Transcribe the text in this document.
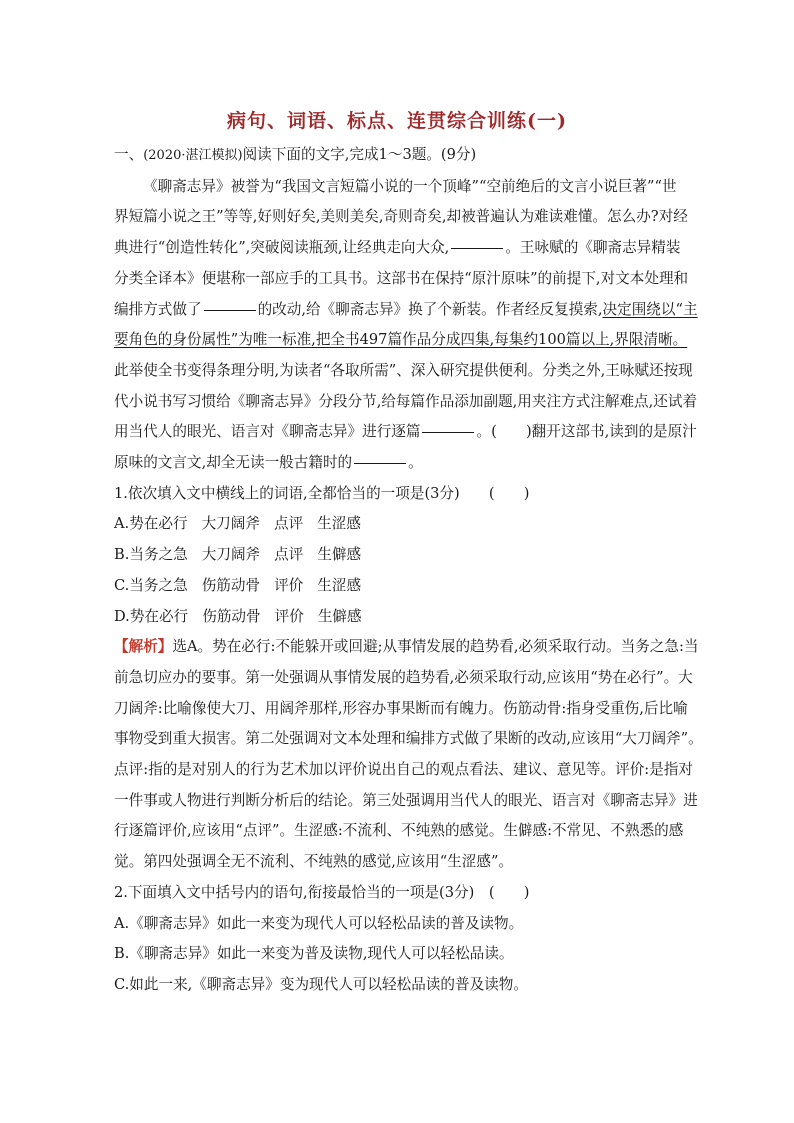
病句、词语、标点、连贯综合训练(一)
一、(2020·湛江模拟)阅读下面的文字,完成1～3题。(9分)
《聊斋志异》被誉为“我国文言短篇小说的一个顶峰”“空前绝后的文言小说巨著”“世
界短篇小说之王”等等,好则好矣,美则美矣,奇则奇矣,却被普遍认为难读难懂。怎么办?对经
典进行“创造性转化”,突破阅读瓶颈,让经典走向大众,	。王咏赋的《聊斋志异精装
分类全译本》便堪称一部应手的工具书。这部书在保持“原汁原味”的前提下,对文本处理和
编排方式做了	的改动,给《聊斋志异》换了个新装。作者经反复摸索,决定围绕以“主
要角色的身份属性”为唯一标准,把全书497篇作品分成四集,每集约100篇以上,界限清晰。
此举使全书变得条理分明,为读者“各取所需”、深入研究提供便利。分类之外,王咏赋还按现
代小说书写习惯给《聊斋志异》分段分节,给每篇作品添加副题,用夹注方式注解难点,还试着
用当代人的眼光、语言对《聊斋志异》进行逐篇	。(　　)翻开这部书,读到的是原汁
原味的文言文,却全无读一般古籍时的	。
1.依次填入文中横线上的词语,全都恰当的一项是(3分)　　(　　)
A.势在必行 大刀阔斧 点评 生涩感
B.当务之急 大刀阔斧 点评 生僻感
C.当务之急 伤筋动骨 评价 生涩感
D.势在必行 伤筋动骨 评价 生僻感
【解析】选A。势在必行:不能躲开或回避;从事情发展的趋势看,必须采取行动。当务之急:当
前急切应办的要事。第一处强调从事情发展的趋势看,必须采取行动,应该用“势在必行”。大
刀阔斧:比喻像使大刀、用阔斧那样,形容办事果断而有魄力。伤筋动骨:指身受重伤,后比喻
事物受到重大损害。第二处强调对文本处理和编排方式做了果断的改动,应该用“大刀阔斧”。
点评:指的是对别人的行为艺术加以评价说出自己的观点看法、建议、意见等。评价:是指对
一件事或人物进行判断分析后的结论。第三处强调用当代人的眼光、语言对《聊斋志异》进
行逐篇评价,应该用“点评”。生涩感:不流利、不纯熟的感觉。生僻感:不常见、不熟悉的感
觉。第四处强调全无不流利、不纯熟的感觉,应该用“生涩感”。
2.下面填入文中括号内的语句,衔接最恰当的一项是(3分)　(　　)
A.《聊斋志异》如此一来变为现代人可以轻松品读的普及读物。
B.《聊斋志异》如此一来变为普及读物,现代人可以轻松品读。
C.如此一来,《聊斋志异》变为现代人可以轻松品读的普及读物。
